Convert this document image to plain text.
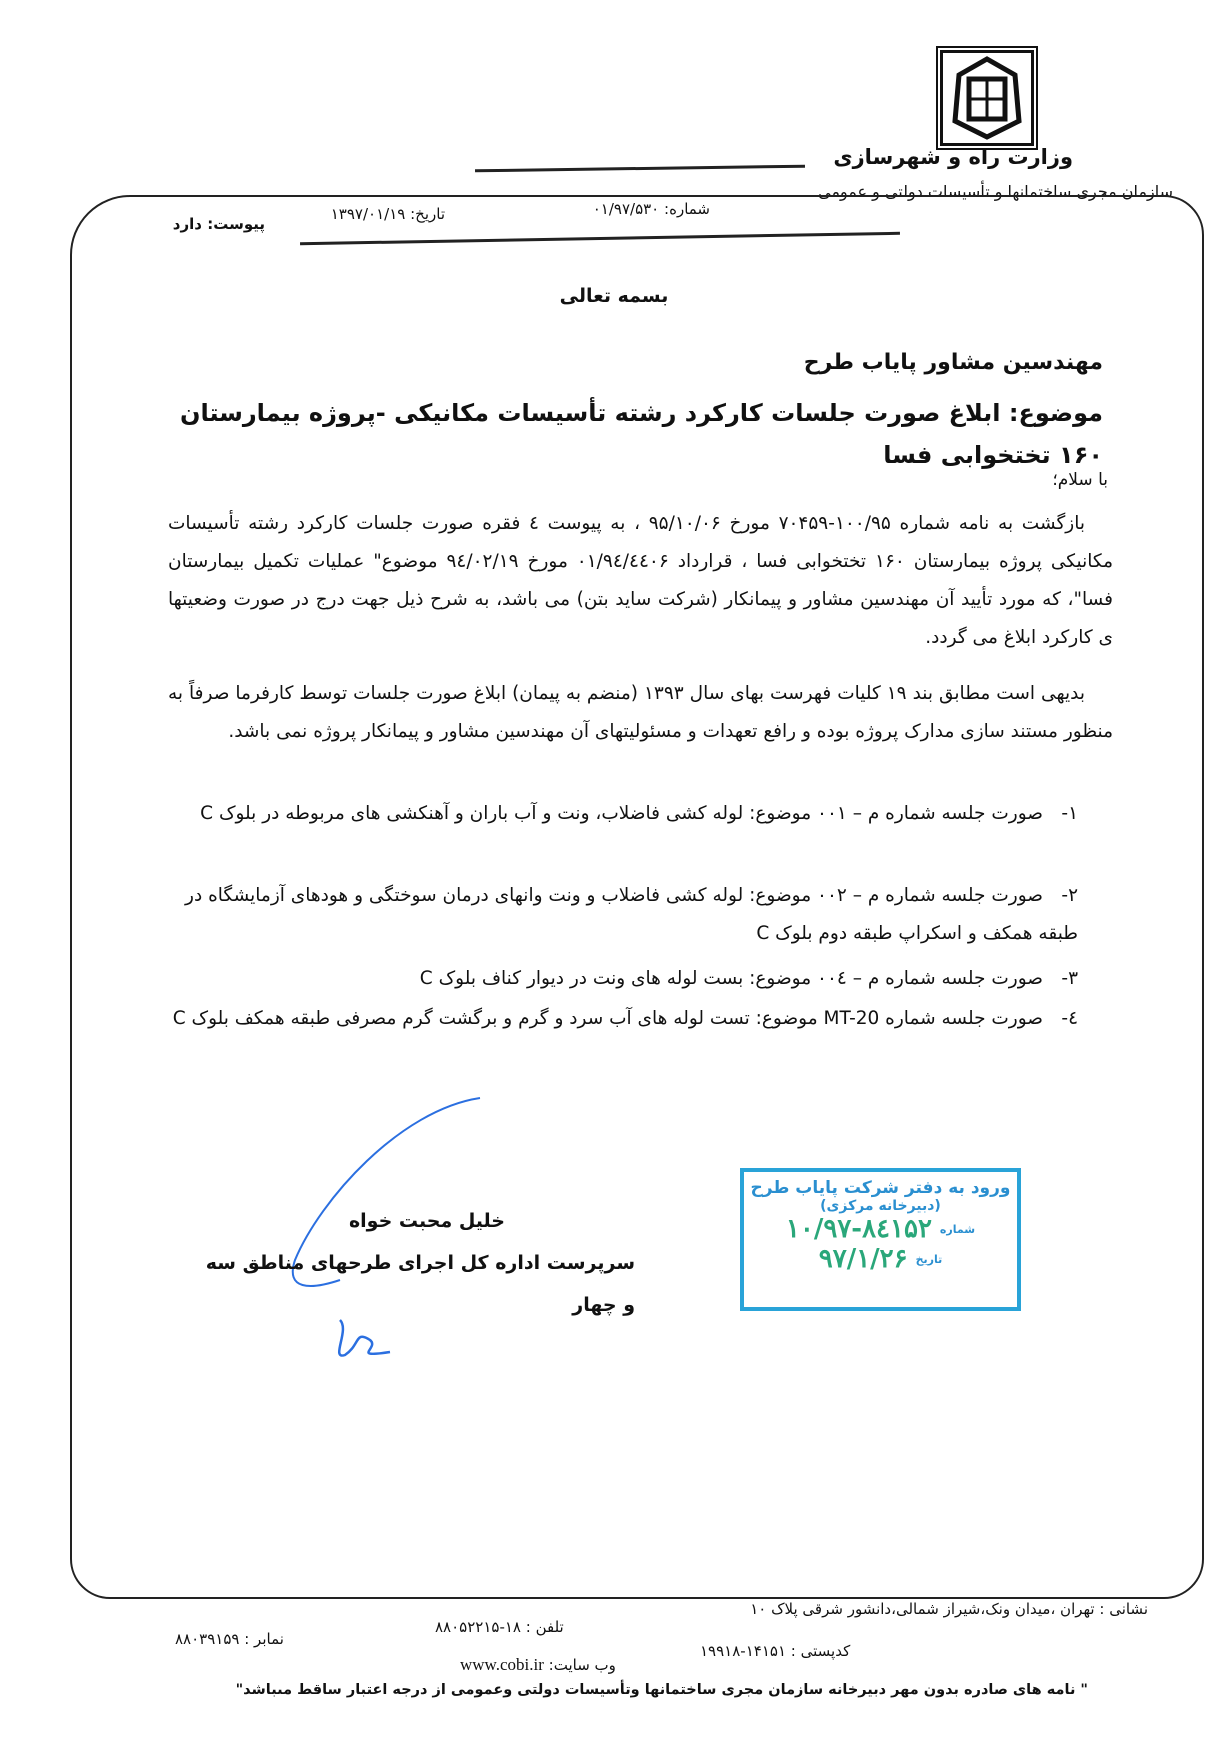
وزارت راه و شهرسازی
سازمان مجری ساختمانها و تأسیسات دولتی و عمومی
شماره: ۰۱/۹۷/۵۳۰
تاریخ: ۱۳۹۷/۰۱/۱۹
پیوست: دارد
بسمه تعالی
مهندسین مشاور پایاب طرح
موضوع: ابلاغ صورت جلسات کارکرد رشته تأسیسات مکانیکی -پروژه بیمارستان ۱۶۰ تختخوابی فسا
با سلام؛
بازگشت به نامه شماره ۱۰۰/۹۵-۷۰۴۵۹ مورخ ۹۵/۱۰/۰۶ ، به پیوست ٤ فقره صورت جلسات کارکرد رشته تأسیسات مکانیکی پروژه بیمارستان ۱۶۰ تختخوابی فسا ، قرارداد ۰۱/۹٤/٤٤۰۶ مورخ ۹٤/۰۲/۱۹ موضوع" عملیات تکمیل بیمارستان فسا"، که مورد تأیید آن مهندسین مشاور و پیمانکار (شرکت ساید بتن) می باشد، به شرح ذیل جهت درج در صورت وضعیتها ی کارکرد ابلاغ می گردد.
بدیهی است مطابق بند ۱۹ کلیات فهرست بهای سال ۱۳۹۳ (منضم به پیمان) ابلاغ صورت جلسات توسط کارفرما صرفاً به منظور مستند سازی مدارک پروژه بوده و رافع تعهدات و مسئولیتهای آن مهندسین مشاور و پیمانکار پروژه نمی باشد.
۱-صورت جلسه شماره م – ۰۰۱ موضوع: لوله کشی فاضلاب، ونت و آب باران و آهنکشی های مربوطه در بلوک C
۲-صورت جلسه شماره م – ۰۰۲ موضوع: لوله کشی فاضلاب و ونت وانهای درمان سوختگی و هودهای آزمایشگاه در طبقه همکف و اسکراپ طبقه دوم بلوک C
۳-صورت جلسه شماره م – ۰۰٤ موضوع: بست لوله های ونت در دیوار کناف بلوک C
٤-صورت جلسه شماره MT-20 موضوع: تست لوله های آب سرد و گرم و برگشت گرم مصرفی طبقه همکف بلوک C
خلیل محبت خواه
سرپرست اداره کل اجرای طرحهای مناطق سه و چهار
ورود به دفتر شرکت پایاب طرح
(دبیرخانه مرکزی)
شماره
۱۰/۹۷-۸٤۱۵۲
تاریخ
۹۷/۱/۲۶
نشانی : تهران ،میدان ونک،شیراز شمالی،دانشور شرقی پلاک ۱۰
تلفن : ۱۸-۸۸۰۵۲۲۱۵
نمابر : ۸۸۰۳۹۱۵۹
کدپستی : ۱۴۱۵۱-۱۹۹۱۸
وب سایت: www.cobi.ir
" نامه های صادره بدون مهر دبیرخانه سازمان مجری ساختمانها وتأسیسات دولتی وعمومی از درجه اعتبار ساقط مىباشد"
